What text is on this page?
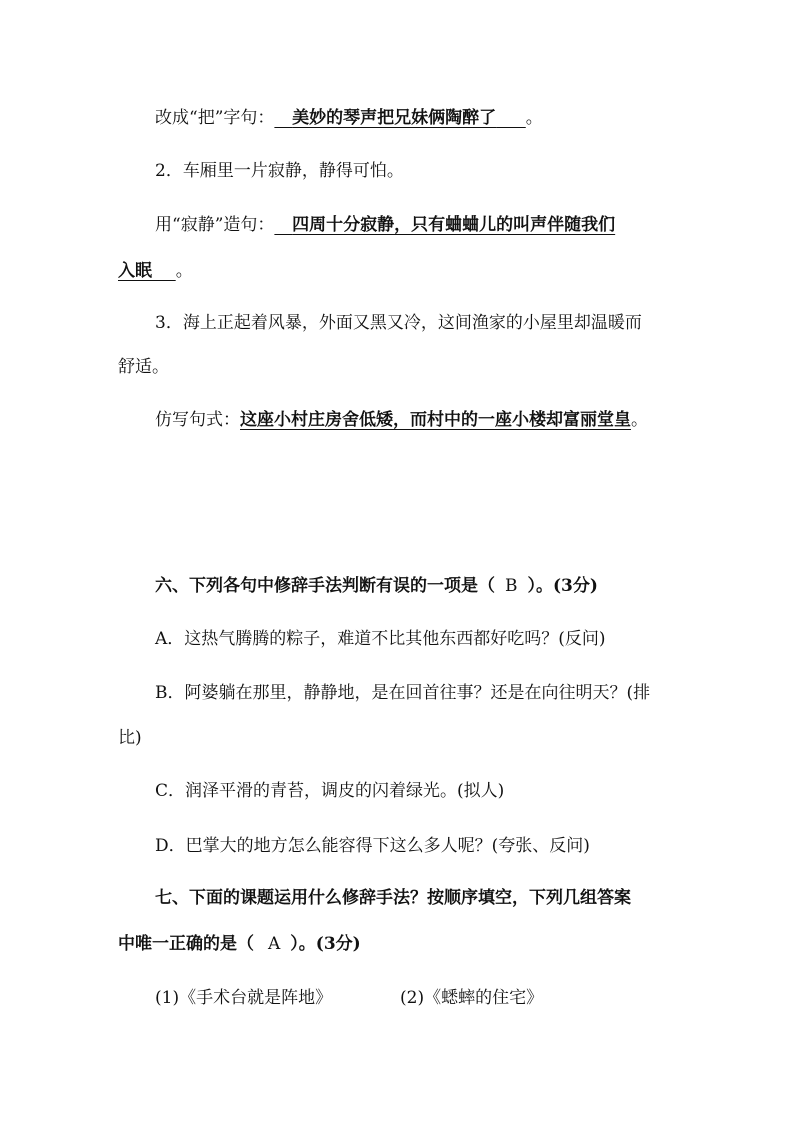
改成“把”字句： 美妙的琴声把兄妹俩陶醉了 。
2．车厢里一片寂静，静得可怕。
用“寂静”造句： 四周十分寂静，只有蛐蛐儿的叫声伴随我们
入眠 。
3．海上正起着风暴，外面又黑又冷，这间渔家的小屋里却温暖而
舒适。
仿写句式：这座小村庄房舍低矮，而村中的一座小楼却富丽堂皇。
六、下列各句中修辞手法判断有误的一项是（ B ）。(3分)
A．这热气腾腾的粽子，难道不比其他东西都好吃吗？(反问)
B．阿婆躺在那里，静静地，是在回首往事？还是在向往明天？(排
比)
C．润泽平滑的青苔，调皮的闪着绿光。(拟人)
D．巴掌大的地方怎么能容得下这么多人呢？(夸张、反问)
七、下面的课题运用什么修辞手法？按顺序填空，下列几组答案
中唯一正确的是（ A ）。(3分)
(1)《手术台就是阵地》	(2)《蟋蟀的住宅》
